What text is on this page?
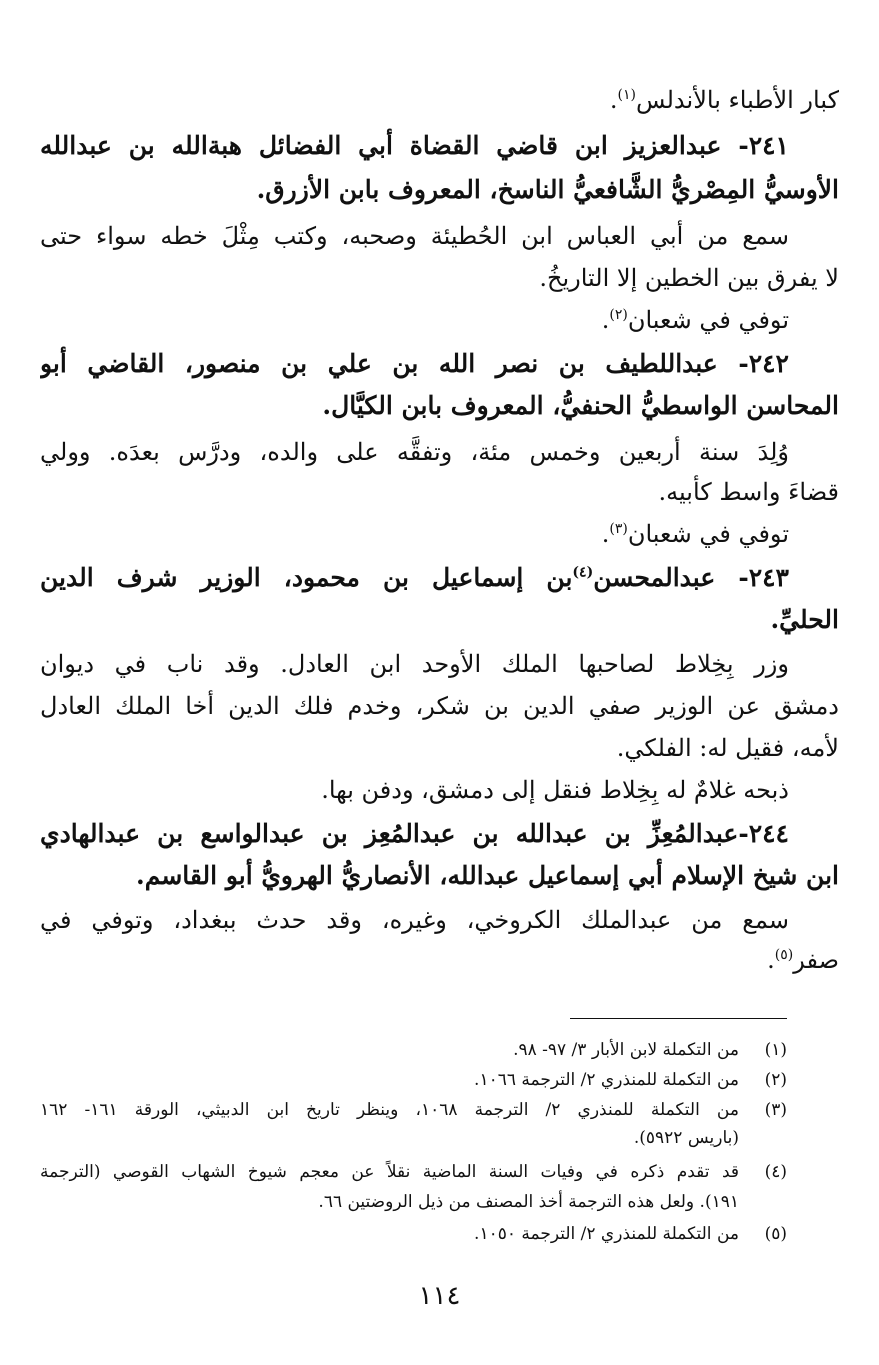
كبار الأطباء بالأندلس$^{(١)}$.
٢٤١- عبدالعزيز ابن قاضي القضاة أبي الفضائل هبةالله بن عبدالله
الأوسيُّ المِصْريُّ الشَّافعيُّ الناسخ، المعروف بابن الأزرق.
سمع من أبي العباس ابن الحُطيئة وصحبه، وكتب مِثْلَ خطه سواء حتى
لا يفرق بين الخطين إلا التاريخُ.
توفي في شعبان$^{(٢)}$.
٢٤٢- عبداللطيف بن نصر الله بن علي بن منصور، القاضي أبو
المحاسن الواسطيُّ الحنفيُّ، المعروف بابن الكيَّال.
وُلِدَ سنة أربعين وخمس مئة، وتفقَّه على والده، ودرَّس بعدَه. وولي
قضاءَ واسط كأبيه.
توفي في شعبان$^{(٣)}$.
٢٤٣- عبدالمحسن$^{(٤)}$بن إسماعيل بن محمود، الوزير شرف الدين
الحليِّ.
وزر بِخِلاط لصاحبها الملك الأوحد ابن العادل. وقد ناب في ديوان
دمشق عن الوزير صفي الدين بن شكر، وخدم فلك الدين أخا الملك العادل
لأمه، فقيل له: الفلكي.
ذبحه غلامٌ له بِخِلاط فنقل إلى دمشق، ودفن بها.
٢٤٤-عبدالمُعِزِّ بن عبدالله بن عبدالمُعِز بن عبدالواسع بن عبدالهادي
ابن شيخ الإسلام أبي إسماعيل عبدالله، الأنصاريُّ الهرويُّ أبو القاسم.
سمع من عبدالملك الكروخي، وغيره، وقد حدث ببغداد، وتوفي في
صفر$^{(٥)}$.
(١)
من التكملة لابن الأبار ٣/ ٩٧- ٩٨.
(٢)
من التكملة للمنذري ٢/ الترجمة ١٠٦٦.
(٣)
من التكملة للمنذري ٢/ الترجمة ١٠٦٨، وينظر تاريخ ابن الدبيثي، الورقة ١٦١- ١٦٢
(باريس ٥٩٢٢).
(٤)
قد تقدم ذكره في وفيات السنة الماضية نقلاً عن معجم شيوخ الشهاب القوصي (الترجمة
١٩١). ولعل هذه الترجمة أخذ المصنف من ذيل الروضتين ٦٦.
(٥)
من التكملة للمنذري ٢/ الترجمة ١٠٥٠.
١١٤
